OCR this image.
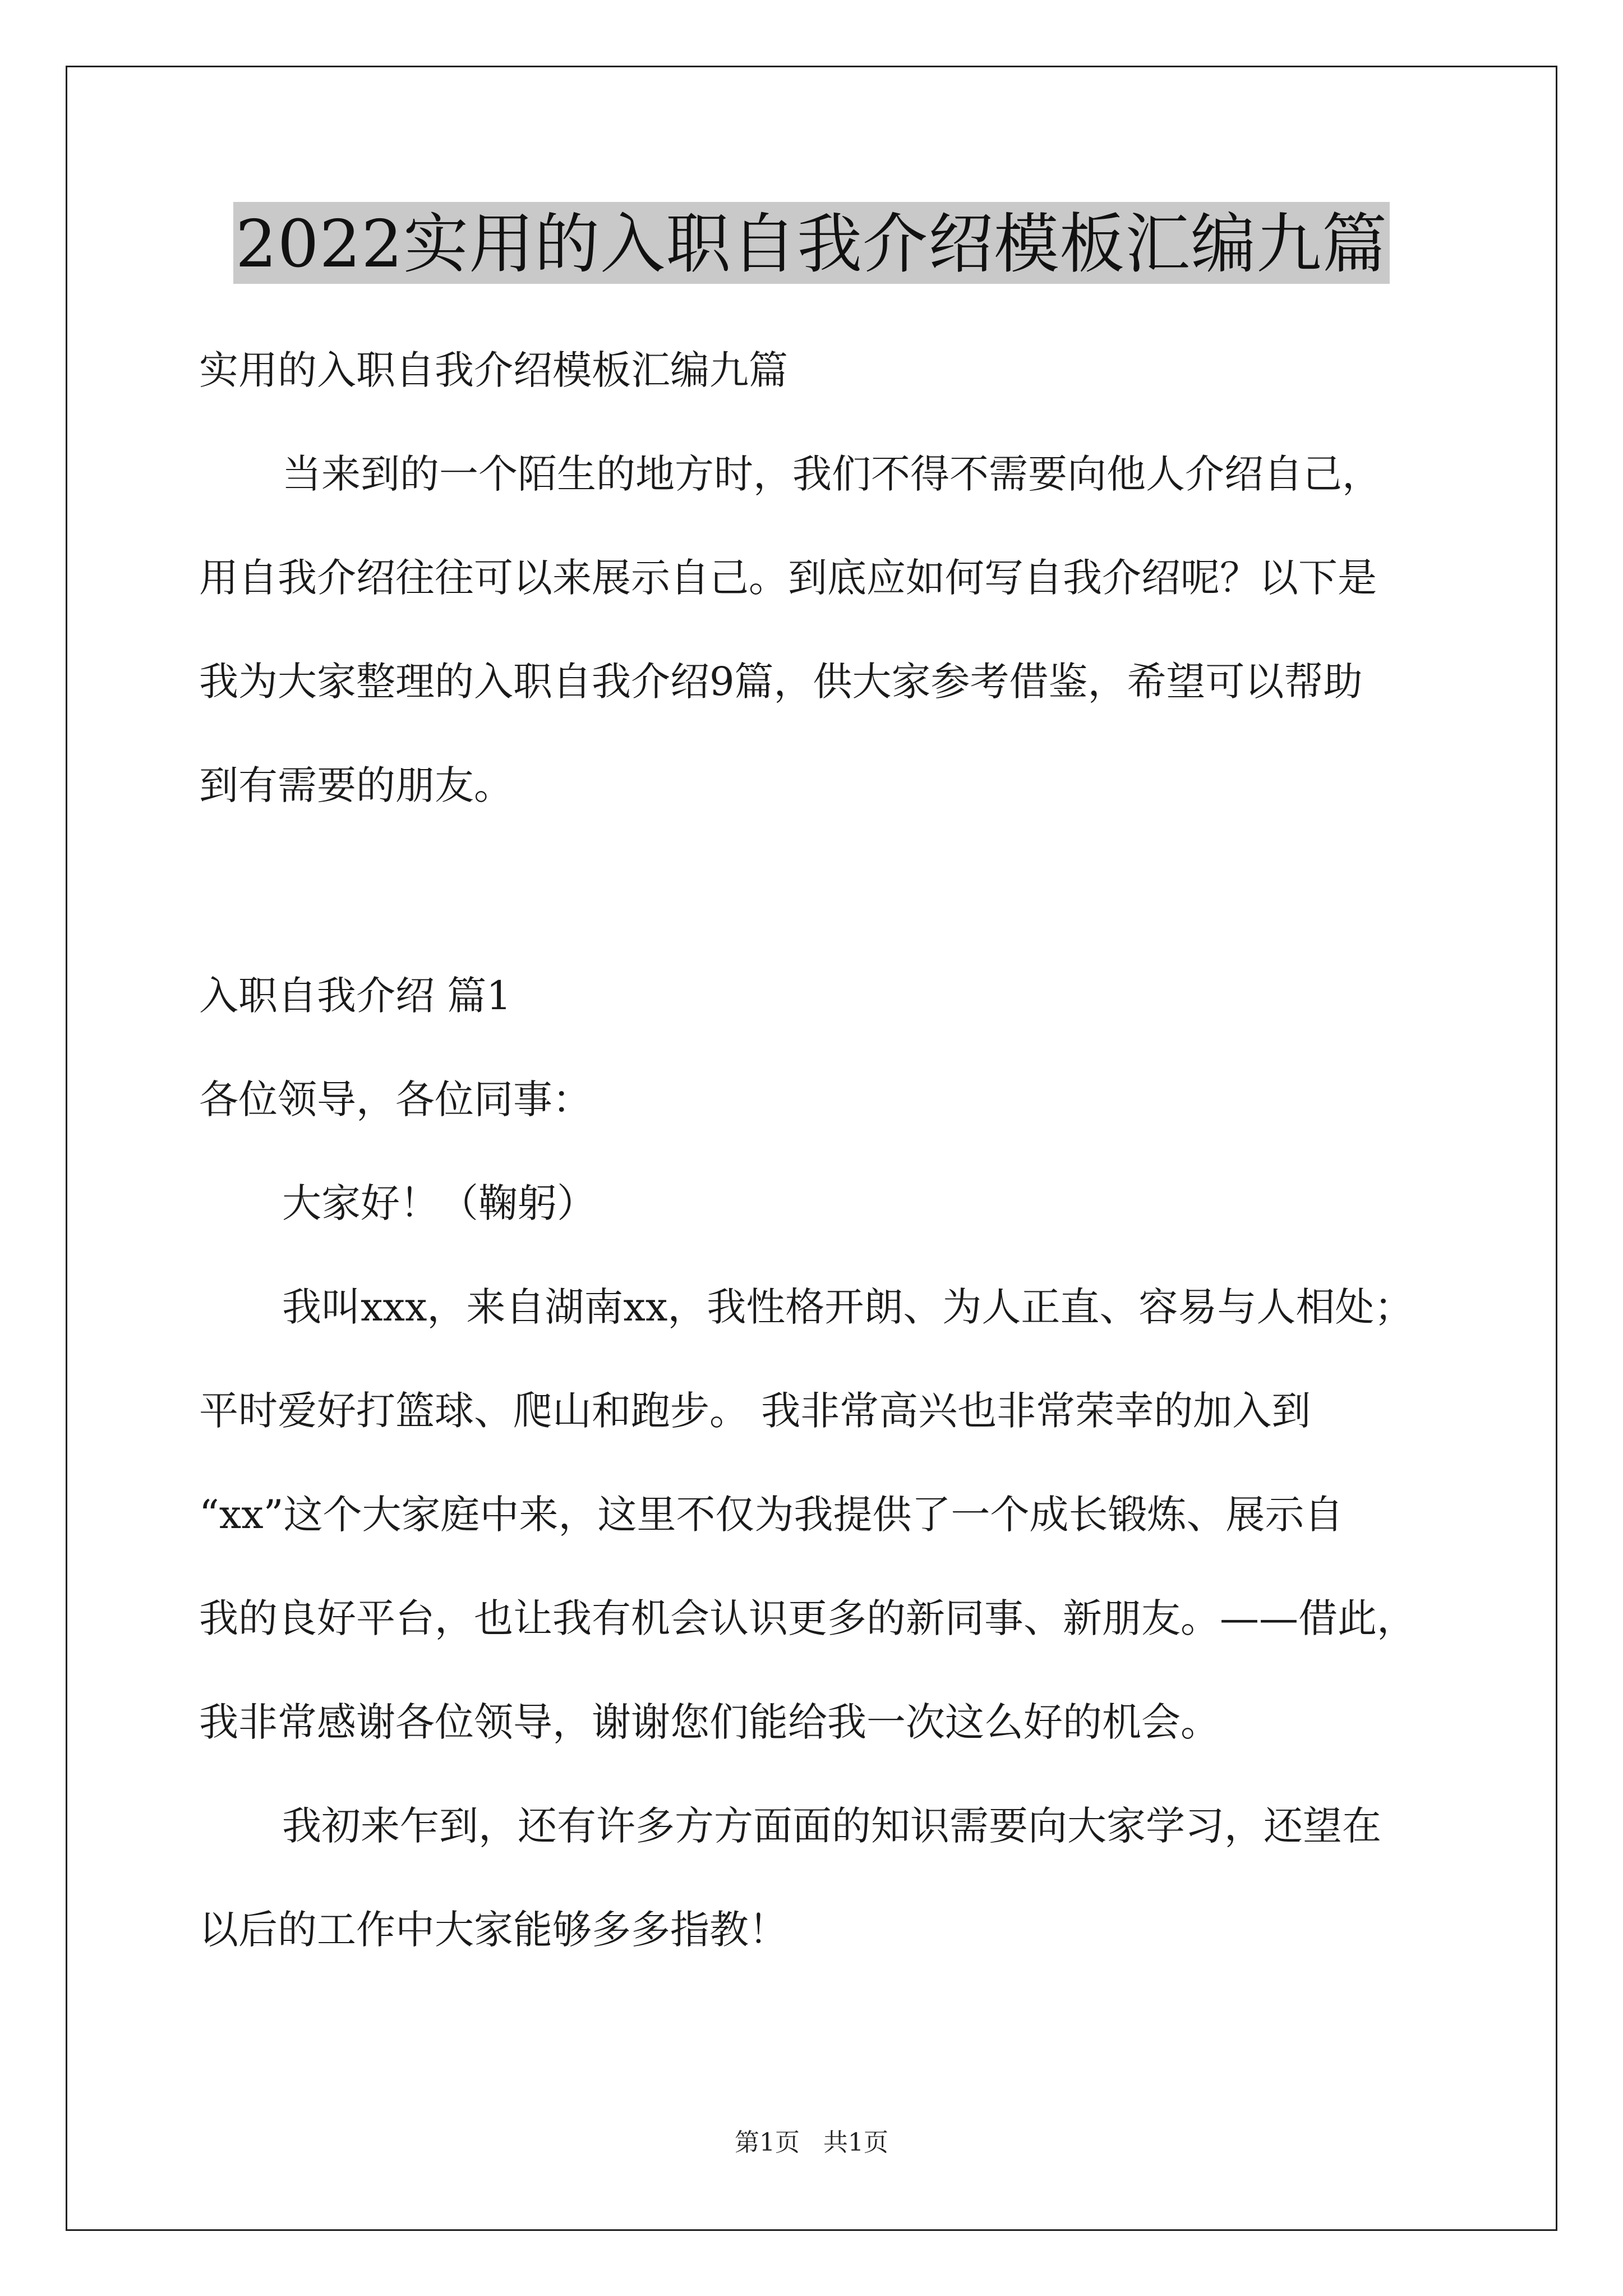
2022实用的入职自我介绍模板汇编九篇
实用的入职自我介绍模板汇编九篇
当来到的一个陌生的地方时，我们不得不需要向他人介绍自己，
用自我介绍往往可以来展示自己。到底应如何写自我介绍呢？以下是
我为大家整理的入职自我介绍9篇，供大家参考借鉴，希望可以帮助
到有需要的朋友。
入职自我介绍 篇1
各位领导，各位同事：
大家好！（鞠躬）
我叫xxx，来自湖南xx，我性格开朗、为人正直、容易与人相处；
平时爱好打篮球、爬山和跑步。 我非常高兴也非常荣幸的加入到
“xx”这个大家庭中来，这里不仅为我提供了一个成长锻炼、展示自
我的良好平台，也让我有机会认识更多的新同事、新朋友。——借此，
我非常感谢各位领导，谢谢您们能给我一次这么好的机会。
我初来乍到，还有许多方方面面的知识需要向大家学习，还望在
以后的工作中大家能够多多指教！
第1页 共1页
